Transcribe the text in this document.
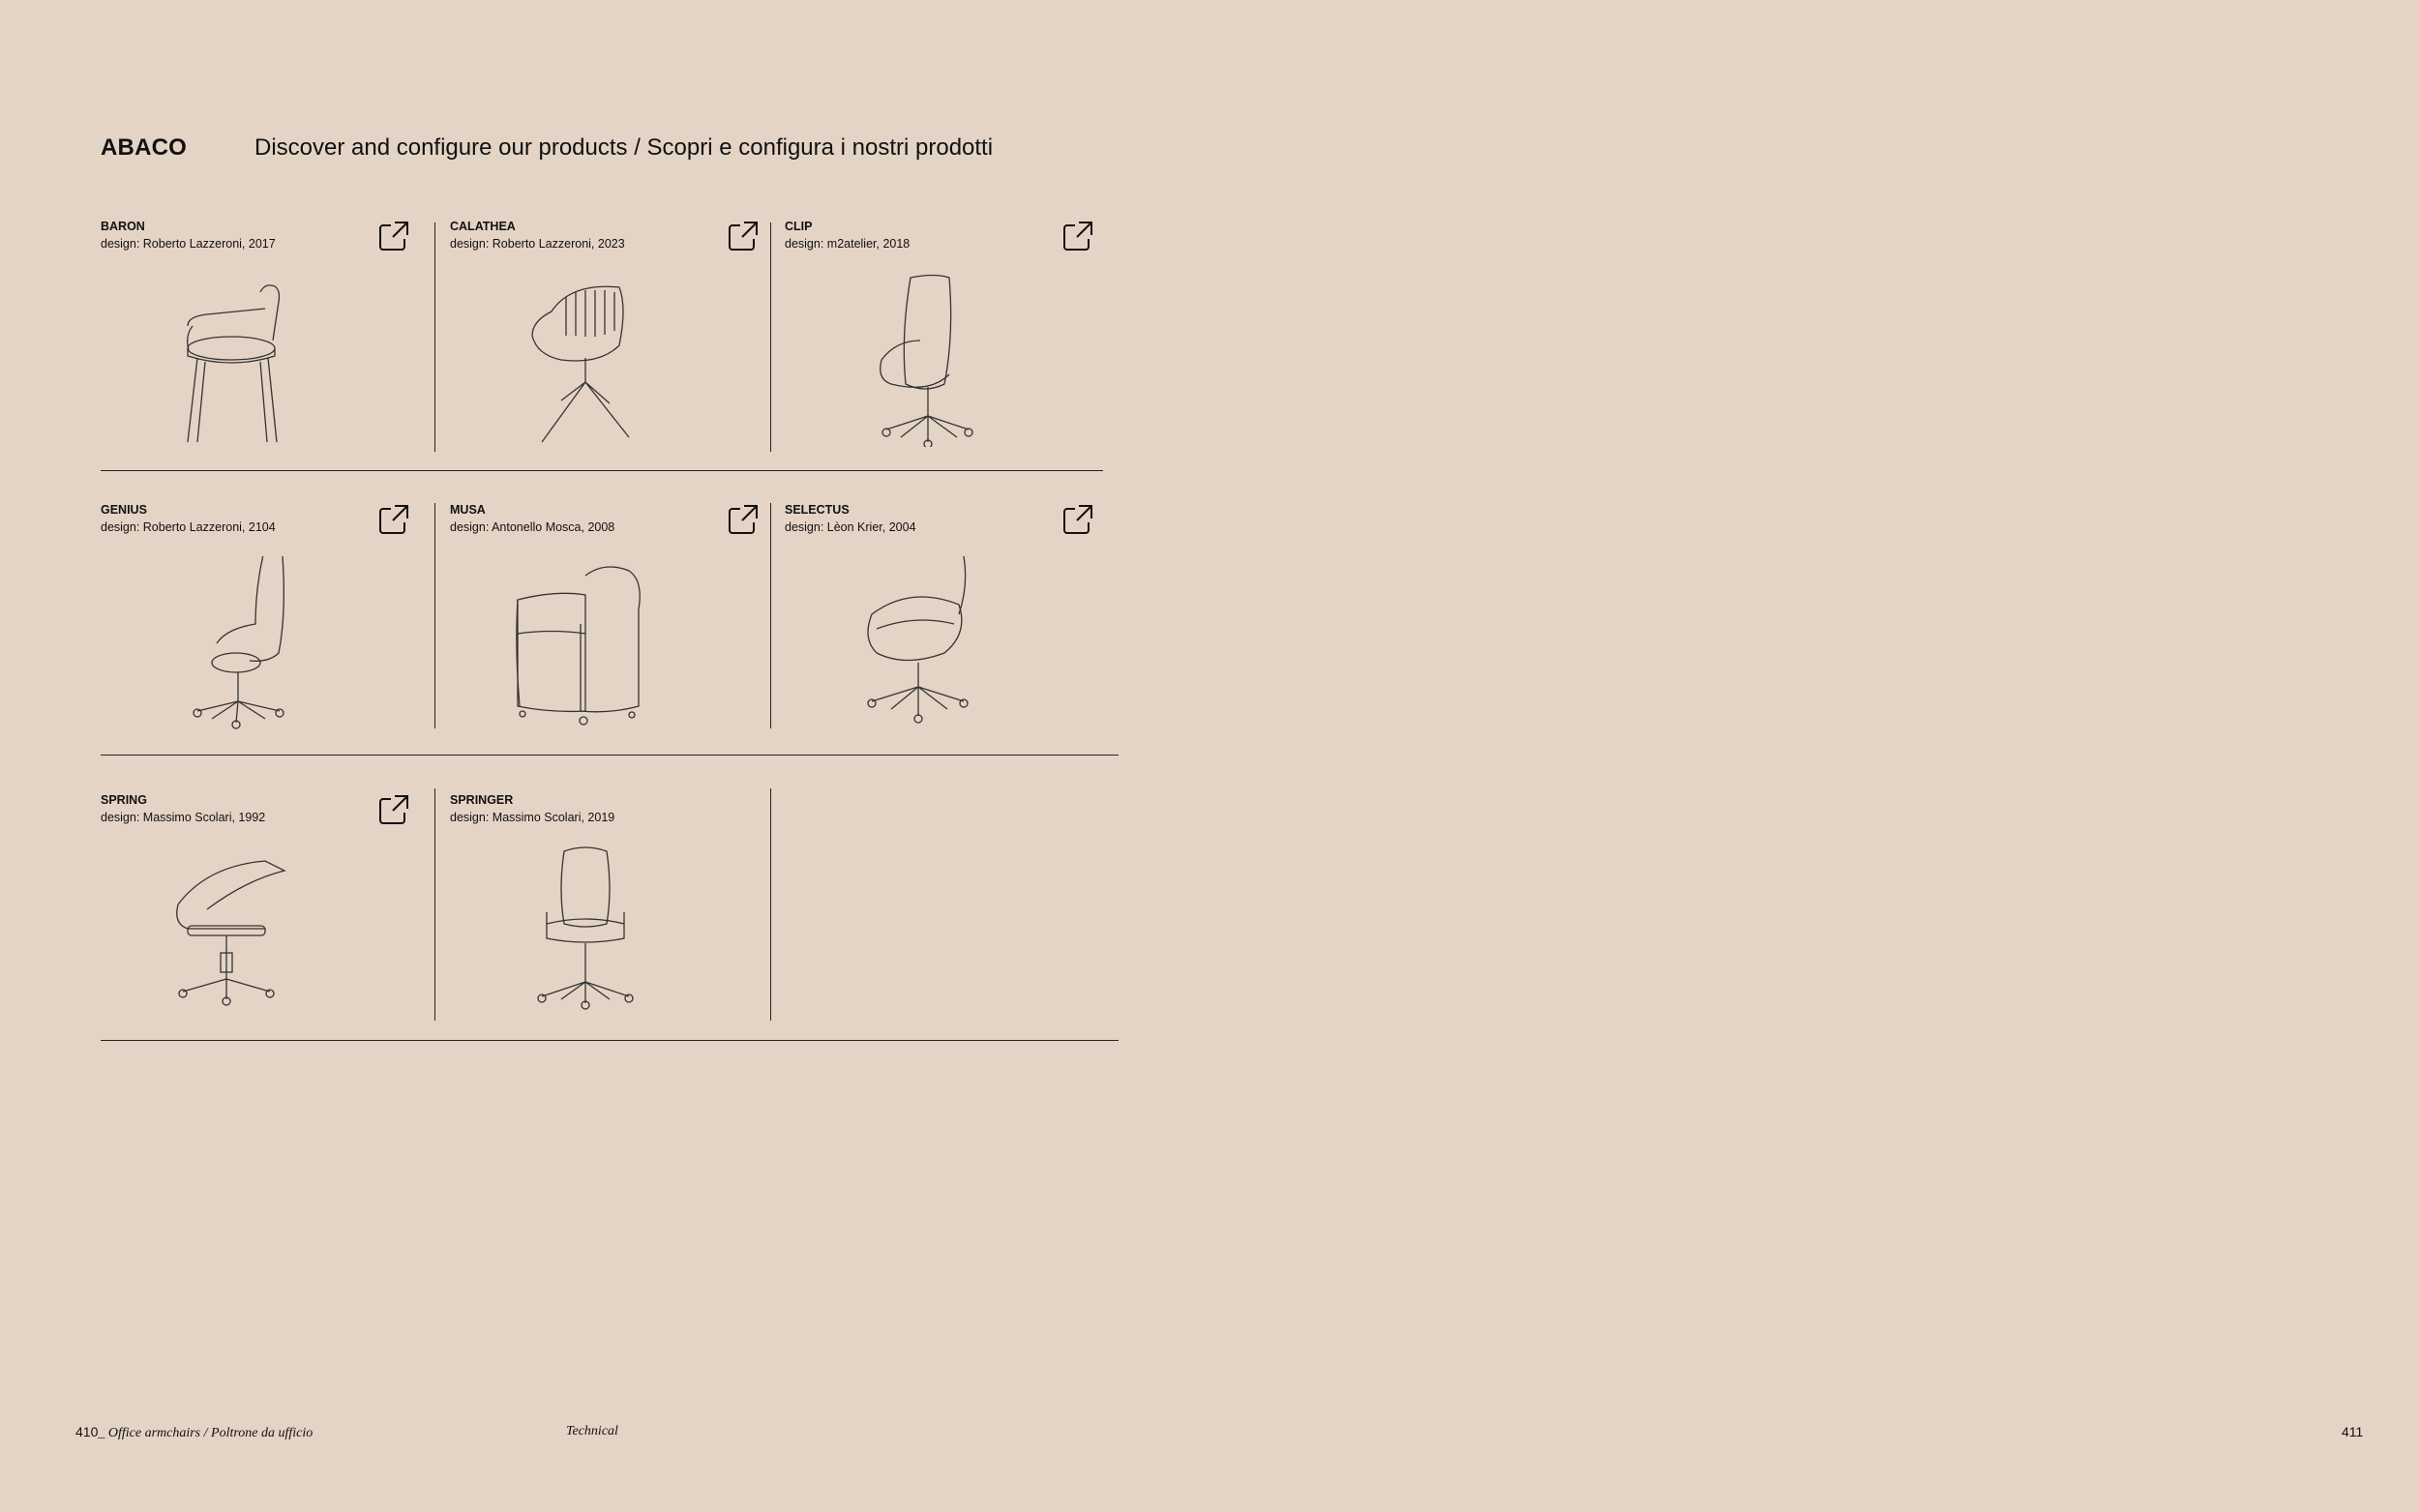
ABACO	Discover and configure our products / Scopri e configura i nostri prodotti
BARON
design: Roberto Lazzeroni, 2017
CALATHEA
design: Roberto Lazzeroni, 2023
CLIP
design: m2atelier, 2018
GENIUS
design: Roberto Lazzeroni, 2104
MUSA
design: Antonello Mosca, 2008
SELECTUS
design: Lèon Krier, 2004
SPRING
design: Massimo Scolari, 1992
SPRINGER
design: Massimo Scolari, 2019
410_ Office armchairs / Poltrone da ufficio	Technical	411
